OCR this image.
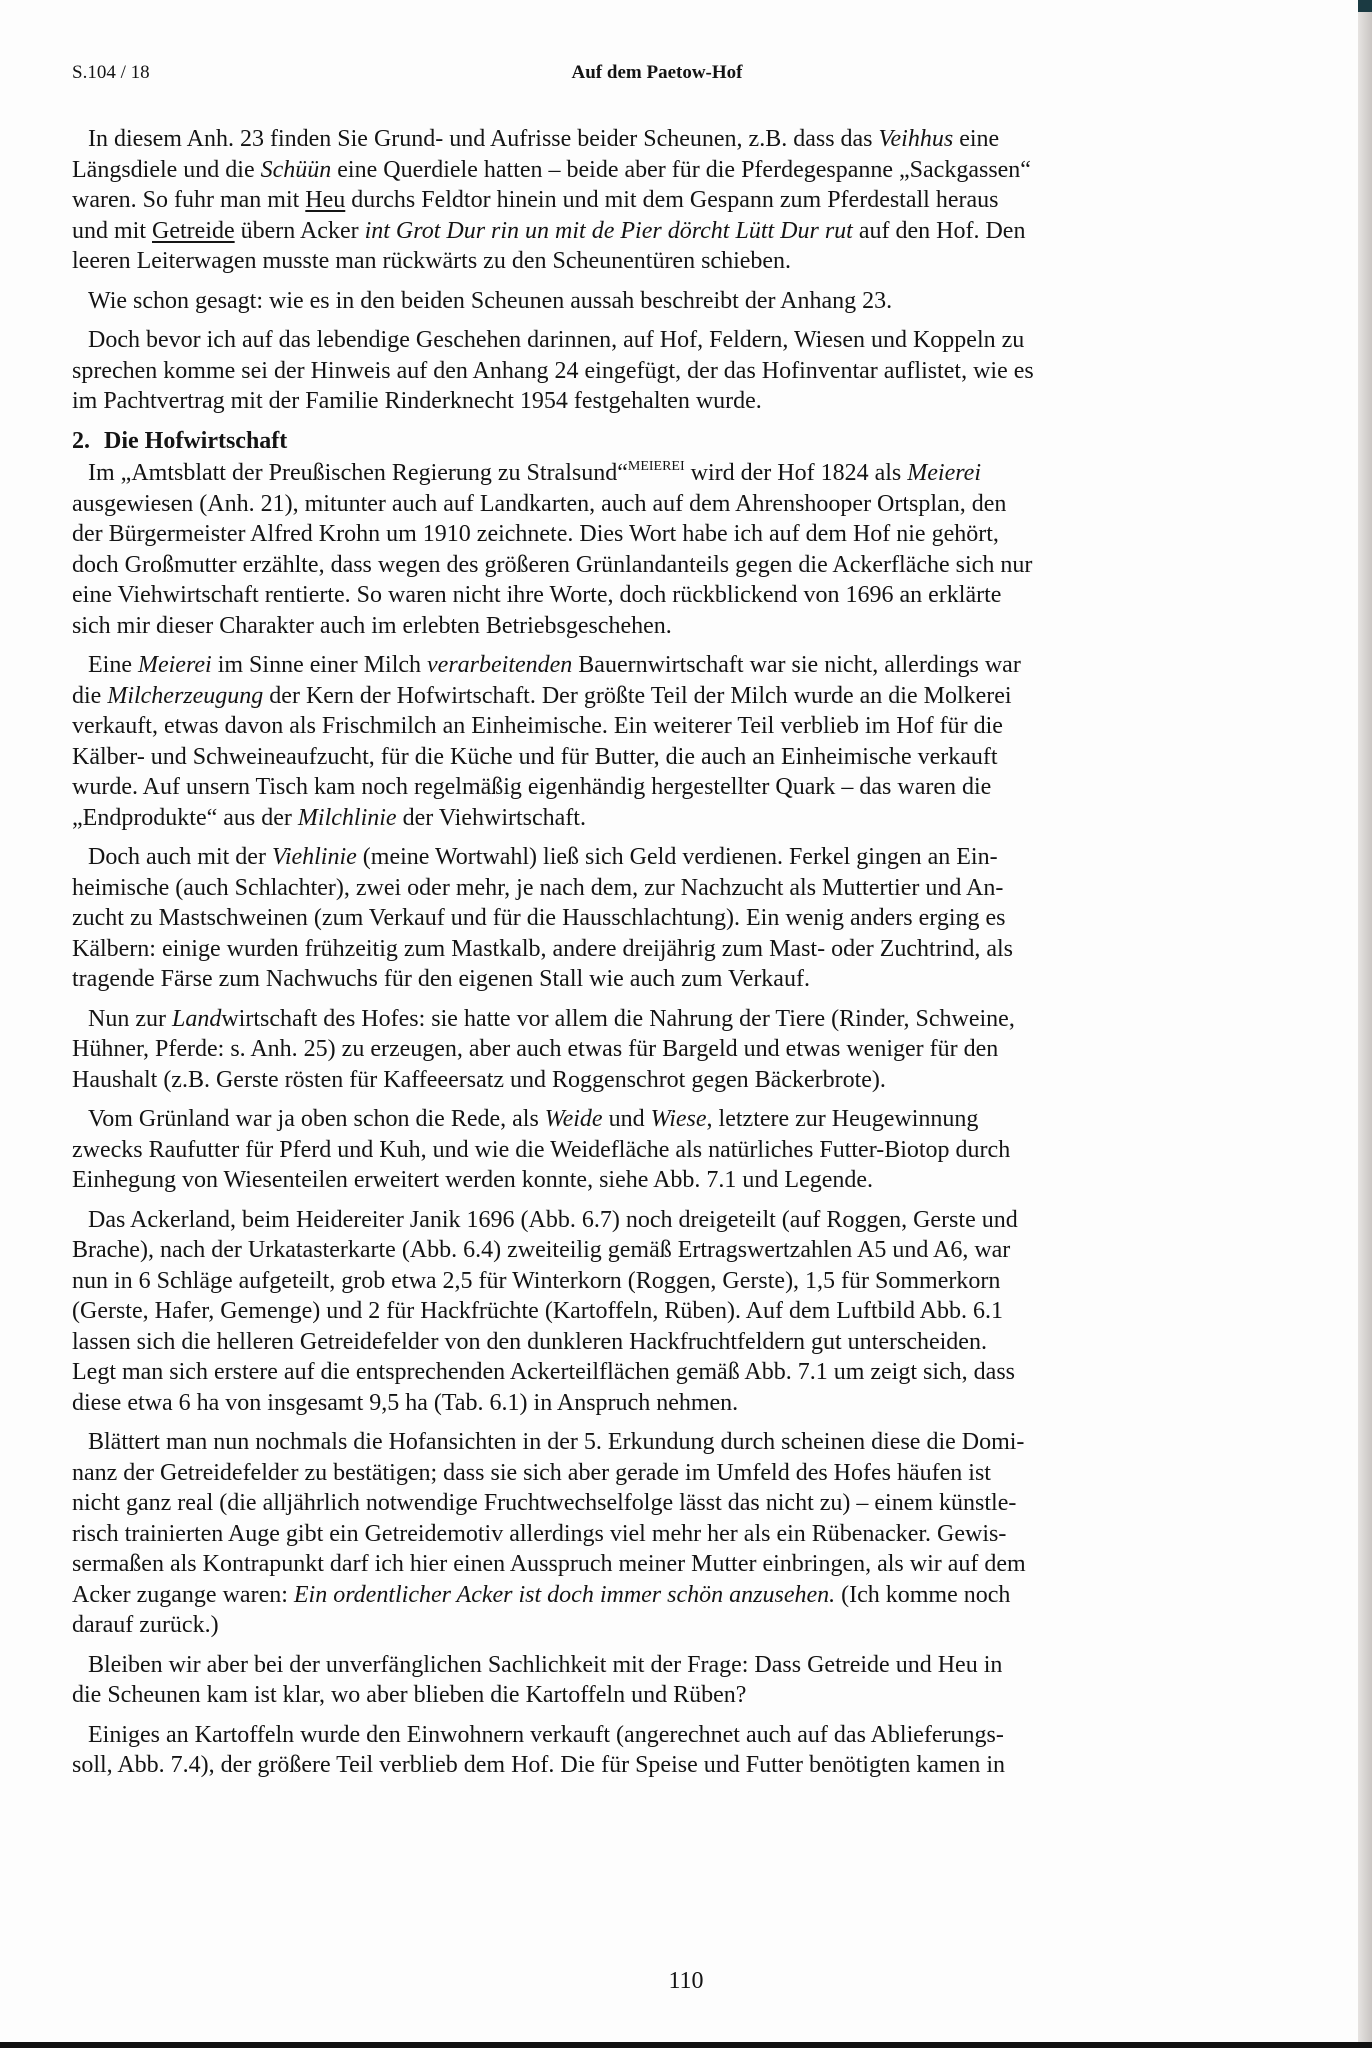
S.104 / 18	Auf dem Paetow-Hof
In diesem Anh. 23 finden Sie Grund- und Aufrisse beider Scheunen, z.B. dass das Veihhus eine
Längsdiele und die Schüün eine Querdiele hatten – beide aber für die Pferdegespanne „Sackgassen“
waren. So fuhr man mit Heu durchs Feldtor hinein und mit dem Gespann zum Pferdestall heraus
und mit Getreide übern Acker int Grot Dur rin un mit de Pier dörcht Lütt Dur rut auf den Hof. Den
leeren Leiterwagen musste man rückwärts zu den Scheunentüren schieben.
Wie schon gesagt: wie es in den beiden Scheunen aussah beschreibt der Anhang 23.
Doch bevor ich auf das lebendige Geschehen darinnen, auf Hof, Feldern, Wiesen und Koppeln zu
sprechen komme sei der Hinweis auf den Anhang 24 eingefügt, der das Hofinventar auflistet, wie es
im Pachtvertrag mit der Familie Rinderknecht 1954 festgehalten wurde.
2. Die Hofwirtschaft
Im „Amtsblatt der Preußischen Regierung zu Stralsund“$^{MEIEREI}$ wird der Hof 1824 als Meierei
ausgewiesen (Anh. 21), mitunter auch auf Landkarten, auch auf dem Ahrenshooper Ortsplan, den
der Bürgermeister Alfred Krohn um 1910 zeichnete. Dies Wort habe ich auf dem Hof nie gehört,
doch Großmutter erzählte, dass wegen des größeren Grünlandanteils gegen die Ackerfläche sich nur
eine Viehwirtschaft rentierte. So waren nicht ihre Worte, doch rückblickend von 1696 an erklärte
sich mir dieser Charakter auch im erlebten Betriebsgeschehen.
Eine Meierei im Sinne einer Milch verarbeitenden Bauernwirtschaft war sie nicht, allerdings war
die Milcherzeugung der Kern der Hofwirtschaft. Der größte Teil der Milch wurde an die Molkerei
verkauft, etwas davon als Frischmilch an Einheimische. Ein weiterer Teil verblieb im Hof für die
Kälber- und Schweineaufzucht, für die Küche und für Butter, die auch an Einheimische verkauft
wurde. Auf unsern Tisch kam noch regelmäßig eigenhändig hergestellter Quark – das waren die
„Endprodukte“ aus der Milchlinie der Viehwirtschaft.
Doch auch mit der Viehlinie (meine Wortwahl) ließ sich Geld verdienen. Ferkel gingen an Ein-
heimische (auch Schlachter), zwei oder mehr, je nach dem, zur Nachzucht als Muttertier und An-
zucht zu Mastschweinen (zum Verkauf und für die Hausschlachtung). Ein wenig anders erging es
Kälbern: einige wurden frühzeitig zum Mastkalb, andere dreijährig zum Mast- oder Zuchtrind, als
tragende Färse zum Nachwuchs für den eigenen Stall wie auch zum Verkauf.
Nun zur Landwirtschaft des Hofes: sie hatte vor allem die Nahrung der Tiere (Rinder, Schweine,
Hühner, Pferde: s. Anh. 25) zu erzeugen, aber auch etwas für Bargeld und etwas weniger für den
Haushalt (z.B. Gerste rösten für Kaffeeersatz und Roggenschrot gegen Bäckerbrote).
Vom Grünland war ja oben schon die Rede, als Weide und Wiese, letztere zur Heugewinnung
zwecks Raufutter für Pferd und Kuh, und wie die Weidefläche als natürliches Futter-Biotop durch
Einhegung von Wiesenteilen erweitert werden konnte, siehe Abb. 7.1 und Legende.
Das Ackerland, beim Heidereiter Janik 1696 (Abb. 6.7) noch dreigeteilt (auf Roggen, Gerste und
Brache), nach der Urkatasterkarte (Abb. 6.4) zweiteilig gemäß Ertragswertzahlen A5 und A6, war
nun in 6 Schläge aufgeteilt, grob etwa 2,5 für Winterkorn (Roggen, Gerste), 1,5 für Sommerkorn
(Gerste, Hafer, Gemenge) und 2 für Hackfrüchte (Kartoffeln, Rüben). Auf dem Luftbild Abb. 6.1
lassen sich die helleren Getreidefelder von den dunkleren Hackfruchtfeldern gut unterscheiden.
Legt man sich erstere auf die entsprechenden Ackerteilflächen gemäß Abb. 7.1 um zeigt sich, dass
diese etwa 6 ha von insgesamt 9,5 ha (Tab. 6.1) in Anspruch nehmen.
Blättert man nun nochmals die Hofansichten in der 5. Erkundung durch scheinen diese die Domi-
nanz der Getreidefelder zu bestätigen; dass sie sich aber gerade im Umfeld des Hofes häufen ist
nicht ganz real (die alljährlich notwendige Fruchtwechselfolge lässt das nicht zu) – einem künstle-
risch trainierten Auge gibt ein Getreidemotiv allerdings viel mehr her als ein Rübenacker. Gewis-
sermaßen als Kontrapunkt darf ich hier einen Ausspruch meiner Mutter einbringen, als wir auf dem
Acker zugange waren: Ein ordentlicher Acker ist doch immer schön anzusehen. (Ich komme noch
darauf zurück.)
Bleiben wir aber bei der unverfänglichen Sachlichkeit mit der Frage: Dass Getreide und Heu in
die Scheunen kam ist klar, wo aber blieben die Kartoffeln und Rüben?
Einiges an Kartoffeln wurde den Einwohnern verkauft (angerechnet auch auf das Ablieferungs-
soll, Abb. 7.4), der größere Teil verblieb dem Hof. Die für Speise und Futter benötigten kamen in
110
